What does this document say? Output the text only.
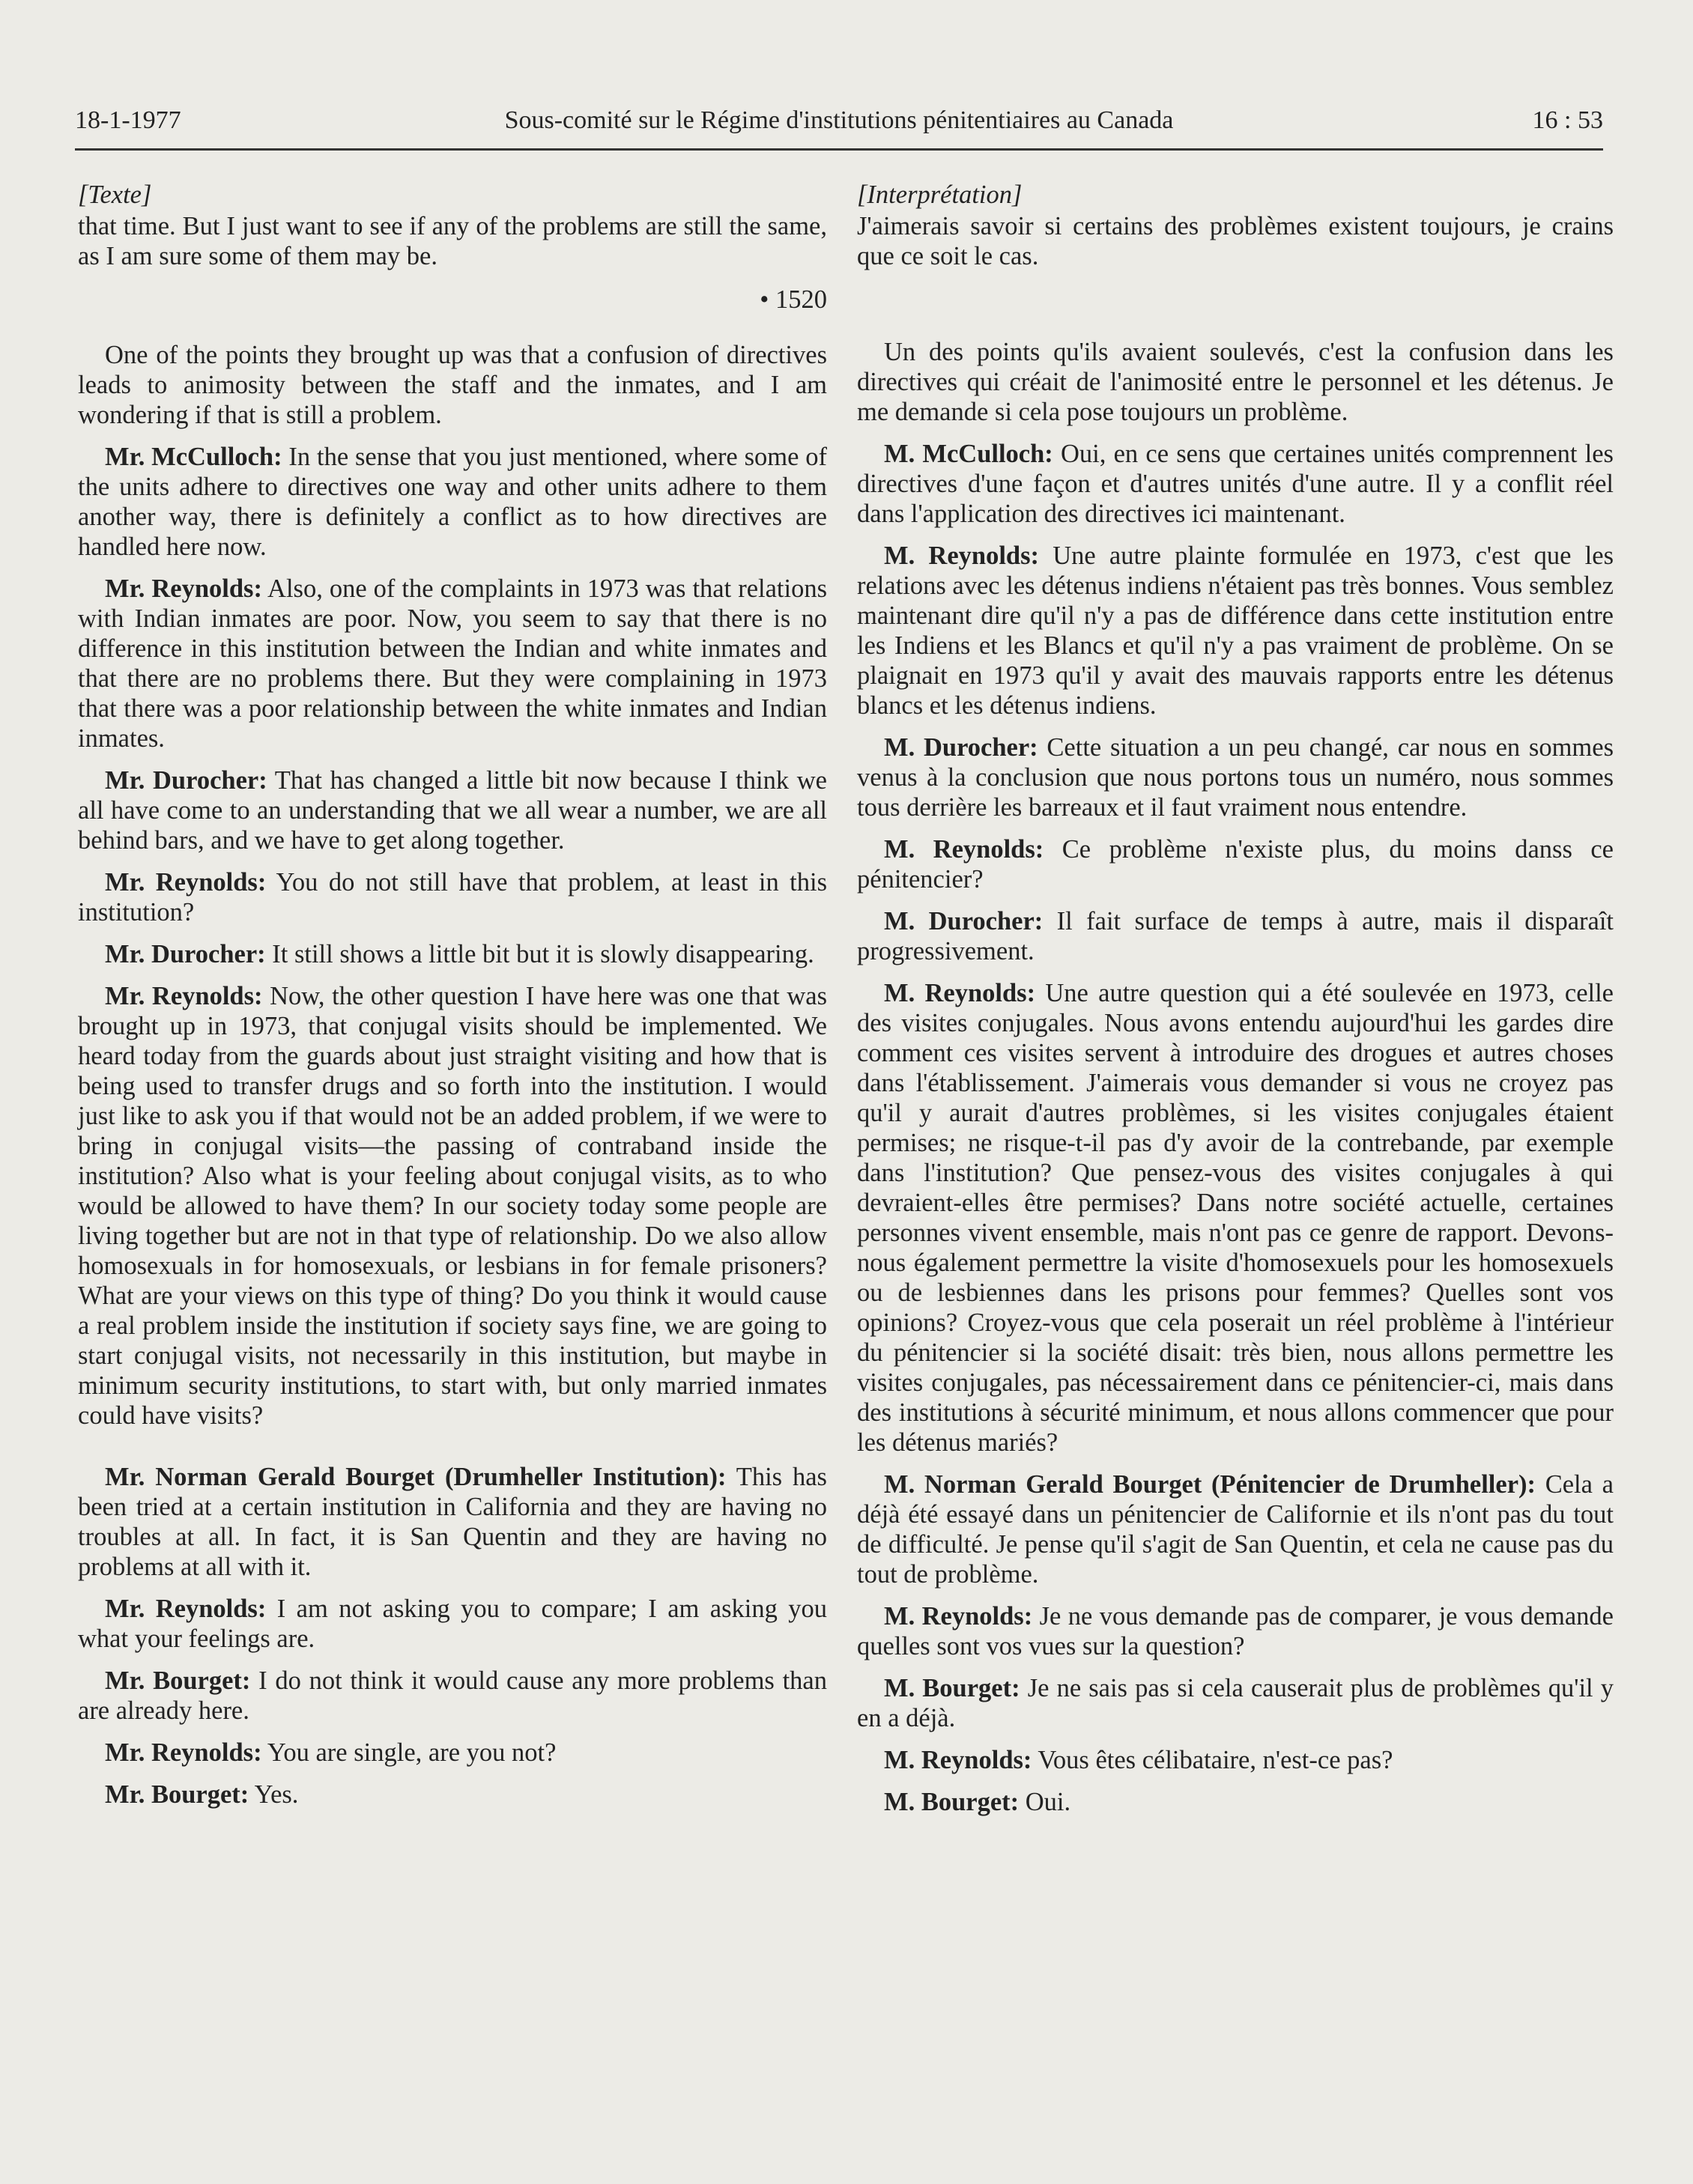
18-1-1977	Sous-comité sur le Régime d'institutions pénitentiaires au Canada	16 : 53
[Texte]

that time. But I just want to see if any of the problems are still the same, as I am sure some of them may be.

• 1520

One of the points they brought up was that a confusion of directives leads to animosity between the staff and the inmates, and I am wondering if that is still a problem.

Mr. McCulloch: In the sense that you just mentioned, where some of the units adhere to directives one way and other units adhere to them another way, there is definitely a conflict as to how directives are handled here now.

Mr. Reynolds: Also, one of the complaints in 1973 was that relations with Indian inmates are poor. Now, you seem to say that there is no difference in this institution between the Indian and white inmates and that there are no problems there. But they were complaining in 1973 that there was a poor relationship between the white inmates and Indian inmates.

Mr. Durocher: That has changed a little bit now because I think we all have come to an understanding that we all wear a number, we are all behind bars, and we have to get along together.

Mr. Reynolds: You do not still have that problem, at least in this institution?

Mr. Durocher: It still shows a little bit but it is slowly disappearing.

Mr. Reynolds: Now, the other question I have here was one that was brought up in 1973, that conjugal visits should be implemented. We heard today from the guards about just straight visiting and how that is being used to transfer drugs and so forth into the institution. I would just like to ask you if that would not be an added problem, if we were to bring in conjugal visits—the passing of contraband inside the institution? Also what is your feeling about conjugal visits, as to who would be allowed to have them? In our society today some people are living together but are not in that type of relationship. Do we also allow homosexuals in for homosexuals, or lesbians in for female prisoners? What are your views on this type of thing? Do you think it would cause a real problem inside the institution if society says fine, we are going to start conjugal visits, not necessarily in this institution, but maybe in minimum security institutions, to start with, but only married inmates could have visits?

Mr. Norman Gerald Bourget (Drumheller Institution): This has been tried at a certain institution in California and they are having no troubles at all. In fact, it is San Quentin and they are having no problems at all with it.

Mr. Reynolds: I am not asking you to compare; I am asking you what your feelings are.

Mr. Bourget: I do not think it would cause any more problems than are already here.

Mr. Reynolds: You are single, are you not?

Mr. Bourget: Yes.

[Interprétation]

J'aimerais savoir si certains des problèmes existent toujours, je crains que ce soit le cas.

Un des points qu'ils avaient soulevés, c'est la confusion dans les directives qui créait de l'animosité entre le personnel et les détenus. Je me demande si cela pose toujours un problème.

M. McCulloch: Oui, en ce sens que certaines unités comprennent les directives d'une façon et d'autres unités d'une autre. Il y a conflit réel dans l'application des directives ici maintenant.

M. Reynolds: Une autre plainte formulée en 1973, c'est que les relations avec les détenus indiens n'étaient pas très bonnes. Vous semblez maintenant dire qu'il n'y a pas de différence dans cette institution entre les Indiens et les Blancs et qu'il n'y a pas vraiment de problème. On se plaignait en 1973 qu'il y avait des mauvais rapports entre les détenus blancs et les détenus indiens.

M. Durocher: Cette situation a un peu changé, car nous en sommes venus à la conclusion que nous portons tous un numéro, nous sommes tous derrière les barreaux et il faut vraiment nous entendre.

M. Reynolds: Ce problème n'existe plus, du moins danss ce pénitencier?

M. Durocher: Il fait surface de temps à autre, mais il disparaît progressivement.

M. Reynolds: Une autre question qui a été soulevée en 1973, celle des visites conjugales. Nous avons entendu aujourd'hui les gardes dire comment ces visites servent à introduire des drogues et autres choses dans l'établissement. J'aimerais vous demander si vous ne croyez pas qu'il y aurait d'autres problèmes, si les visites conjugales étaient permises; ne risque-t-il pas d'y avoir de la contrebande, par exemple dans l'institution? Que pensez-vous des visites conjugales à qui devraient-elles être permises? Dans notre société actuelle, certaines personnes vivent ensemble, mais n'ont pas ce genre de rapport. Devons-nous également permettre la visite d'homosexuels pour les homosexuels ou de lesbiennes dans les prisons pour femmes? Quelles sont vos opinions? Croyez-vous que cela poserait un réel problème à l'intérieur du pénitencier si la société disait: très bien, nous allons permettre les visites conjugales, pas nécessairement dans ce pénitencier-ci, mais dans des institutions à sécurité minimum, et nous allons commencer que pour les détenus mariés?

M. Norman Gerald Bourget (Pénitencier de Drumheller): Cela a déjà été essayé dans un pénitencier de Californie et ils n'ont pas du tout de difficulté. Je pense qu'il s'agit de San Quentin, et cela ne cause pas du tout de problème.

M. Reynolds: Je ne vous demande pas de comparer, je vous demande quelles sont vos vues sur la question?

M. Bourget: Je ne sais pas si cela causerait plus de problèmes qu'il y en a déjà.

M. Reynolds: Vous êtes célibataire, n'est-ce pas?

M. Bourget: Oui.
